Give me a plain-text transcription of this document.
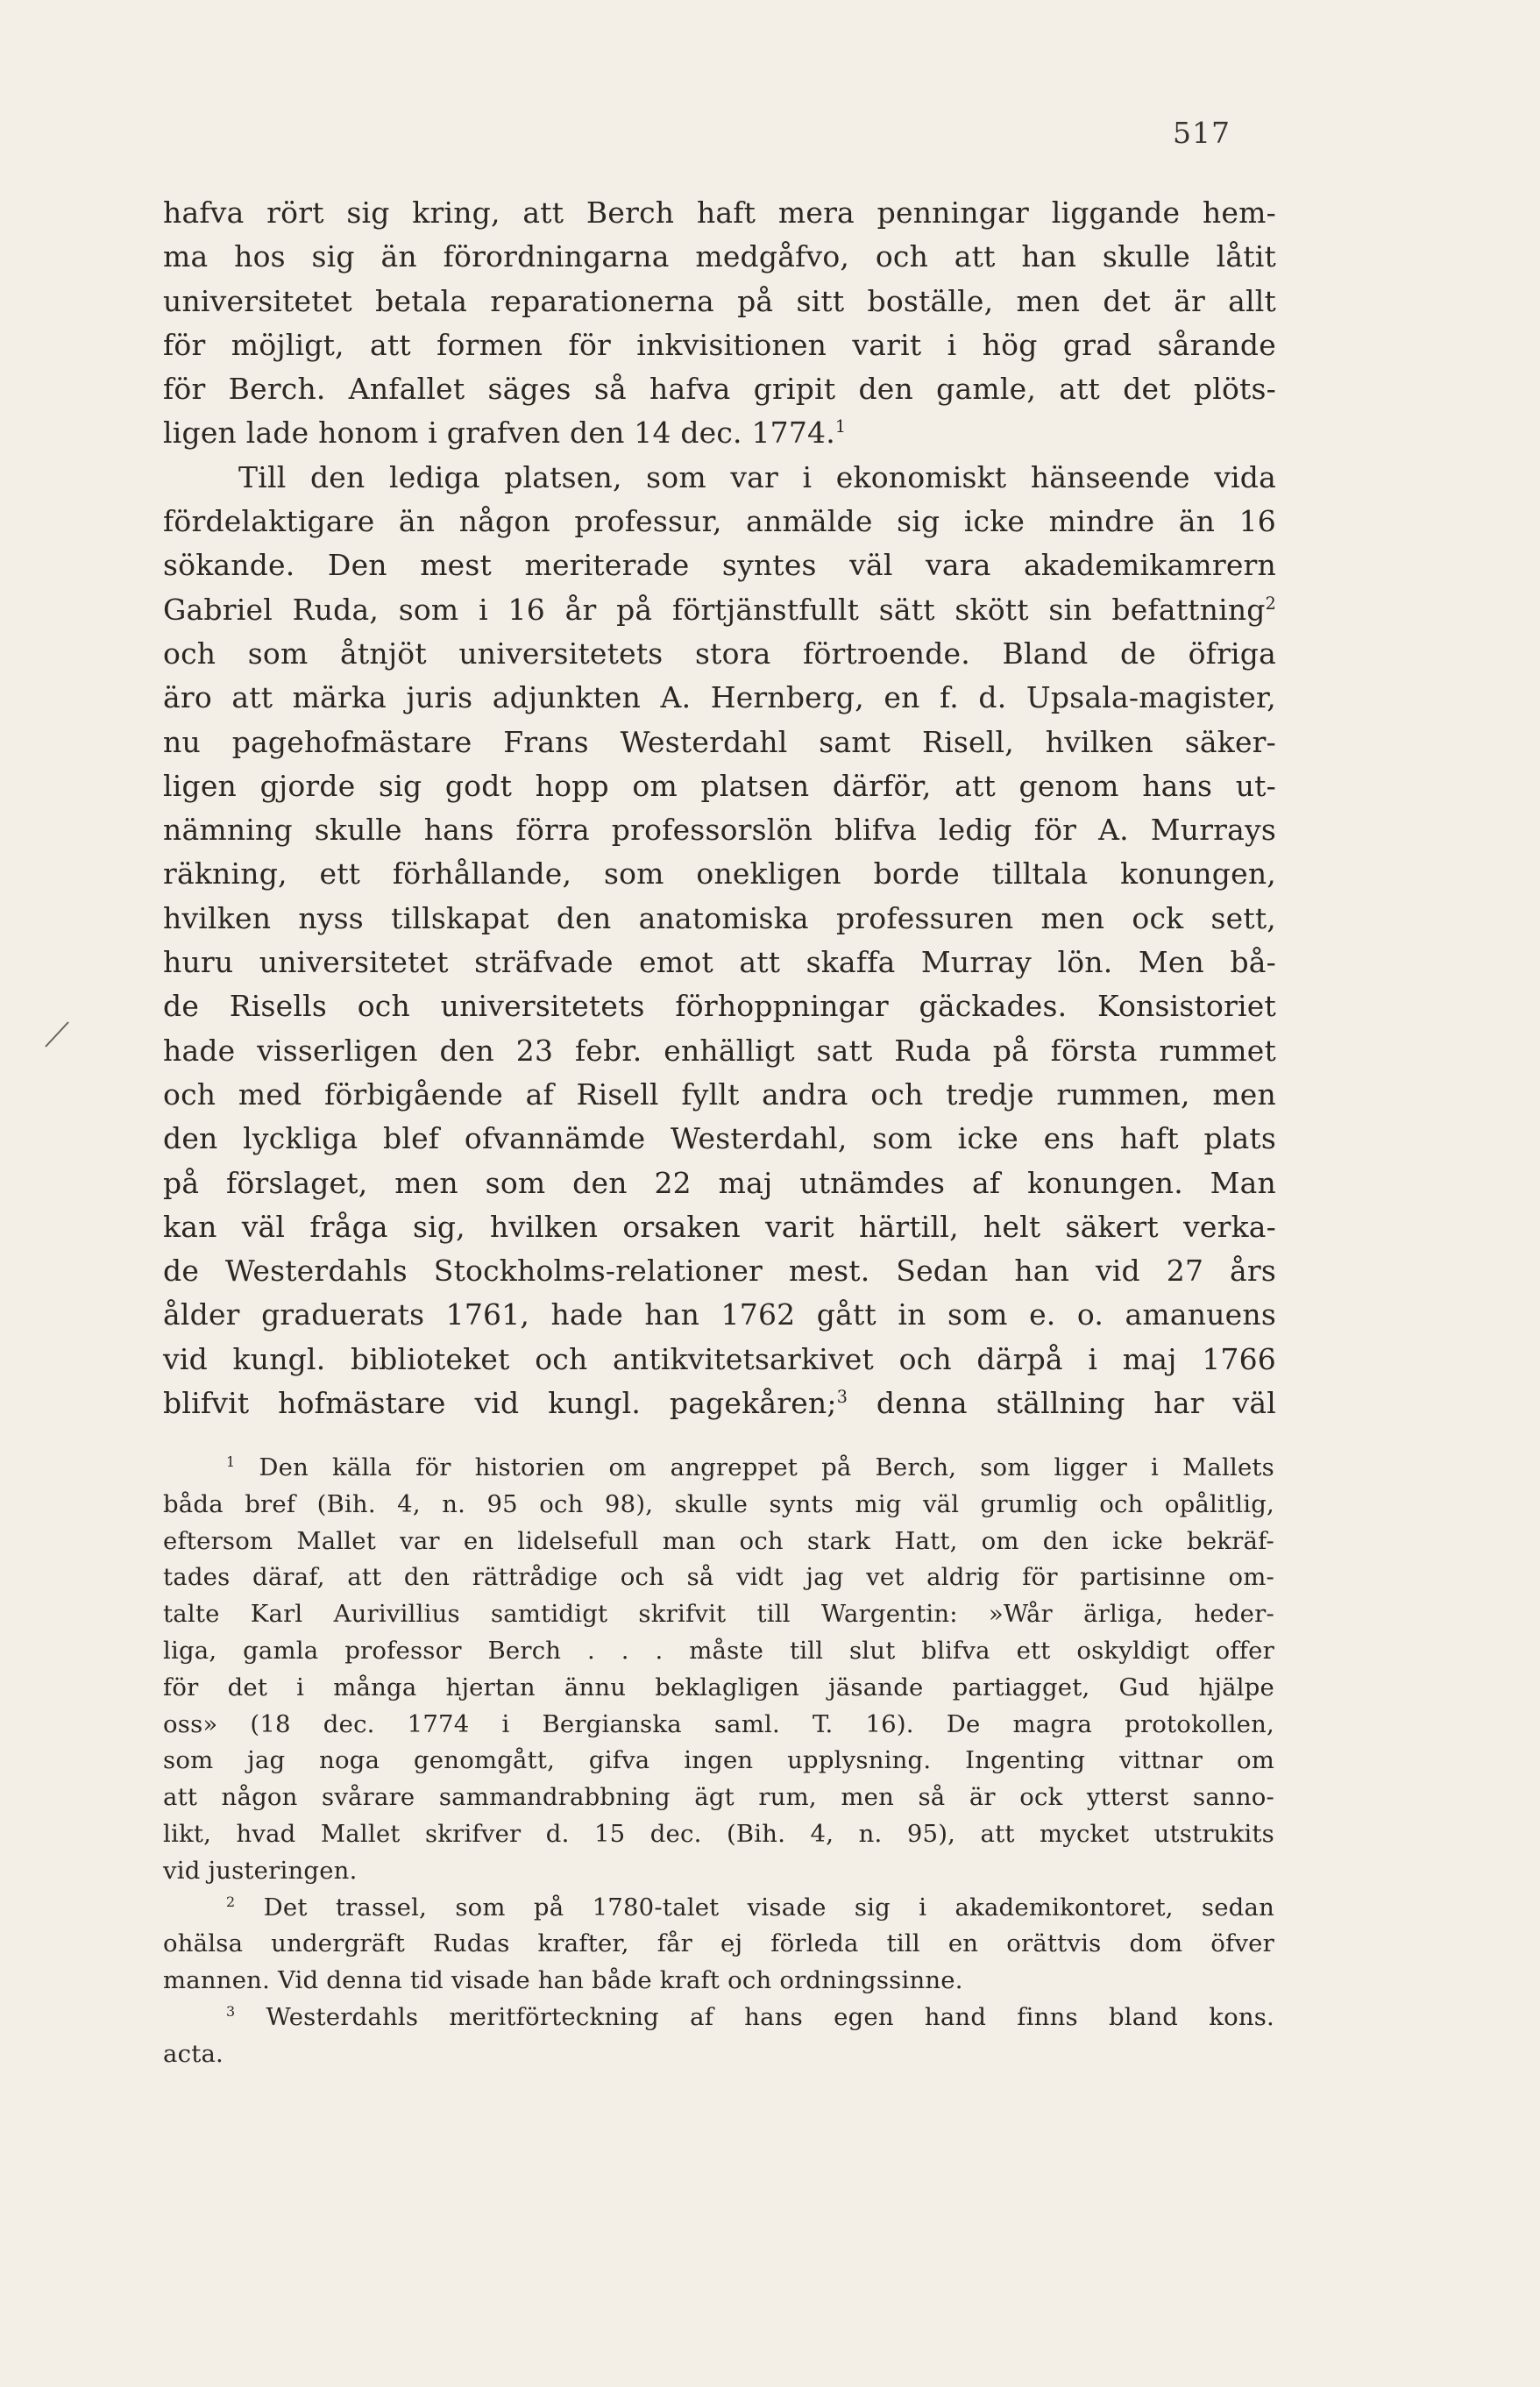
517
hafva rört sig kring, att Berch haft mera penningar liggande hem-
ma hos sig än förordningarna medgåfvo, och att han skulle låtit
universitetet betala reparationerna på sitt boställe, men det är allt
för möjligt, att formen för inkvisitionen varit i hög grad sårande
för Berch. Anfallet säges så hafva gripit den gamle, att det plöts-
ligen lade honom i grafven den 14 dec. 1774.$^1$
Till den lediga platsen, som var i ekonomiskt hänseende vida
fördelaktigare än någon professur, anmälde sig icke mindre än 16
sökande. Den mest meriterade syntes väl vara akademikamrern
Gabriel Ruda, som i 16 år på förtjänstfullt sätt skött sin befattning$^2$
och som åtnjöt universitetets stora förtroende. Bland de öfriga
äro att märka juris adjunkten A. Hernberg, en f. d. Upsala-magister,
nu pagehofmästare Frans Westerdahl samt Risell, hvilken säker-
ligen gjorde sig godt hopp om platsen därför, att genom hans ut-
nämning skulle hans förra professorslön blifva ledig för A. Murrays
räkning, ett förhållande, som onekligen borde tilltala konungen,
hvilken nyss tillskapat den anatomiska professuren men ock sett,
huru universitetet sträfvade emot att skaffa Murray lön. Men bå-
de Risells och universitetets förhoppningar gäckades. Konsistoriet
hade visserligen den 23 febr. enhälligt satt Ruda på första rummet
och med förbigående af Risell fyllt andra och tredje rummen, men
den lyckliga blef ofvannämde Westerdahl, som icke ens haft plats
på förslaget, men som den 22 maj utnämdes af konungen. Man
kan väl fråga sig, hvilken orsaken varit härtill, helt säkert verka-
de Westerdahls Stockholms-relationer mest. Sedan han vid 27 års
ålder graduerats 1761, hade han 1762 gått in som e. o. amanuens
vid kungl. biblioteket och antikvitetsarkivet och därpå i maj 1766
blifvit hofmästare vid kungl. pagekåren;$^3$ denna ställning har väl
$^1$ Den källa för historien om angreppet på Berch, som ligger i Mallets
båda bref (Bih. 4, n. 95 och 98), skulle synts mig väl grumlig och opålitlig,
eftersom Mallet var en lidelsefull man och stark Hatt, om den icke bekräf-
tades däraf, att den rättrådige och så vidt jag vet aldrig för partisinne om-
talte Karl Aurivillius samtidigt skrifvit till Wargentin: »Wår ärliga, heder-
liga, gamla professor Berch . . . måste till slut blifva ett oskyldigt offer
för det i många hjertan ännu beklagligen jäsande partiagget, Gud hjälpe
oss» (18 dec. 1774 i Bergianska saml. T. 16). De magra protokollen,
som jag noga genomgått, gifva ingen upplysning. Ingenting vittnar om
att någon svårare sammandrabbning ägt rum, men så är ock ytterst sanno-
likt, hvad Mallet skrifver d. 15 dec. (Bih. 4, n. 95), att mycket utstrukits
vid justeringen.
$^2$ Det trassel, som på 1780-talet visade sig i akademikontoret, sedan
ohälsa undergräft Rudas krafter, får ej förleda till en orättvis dom öfver
mannen. Vid denna tid visade han både kraft och ordningssinne.
$^3$ Westerdahls meritförteckning af hans egen hand finns bland kons.
acta.
